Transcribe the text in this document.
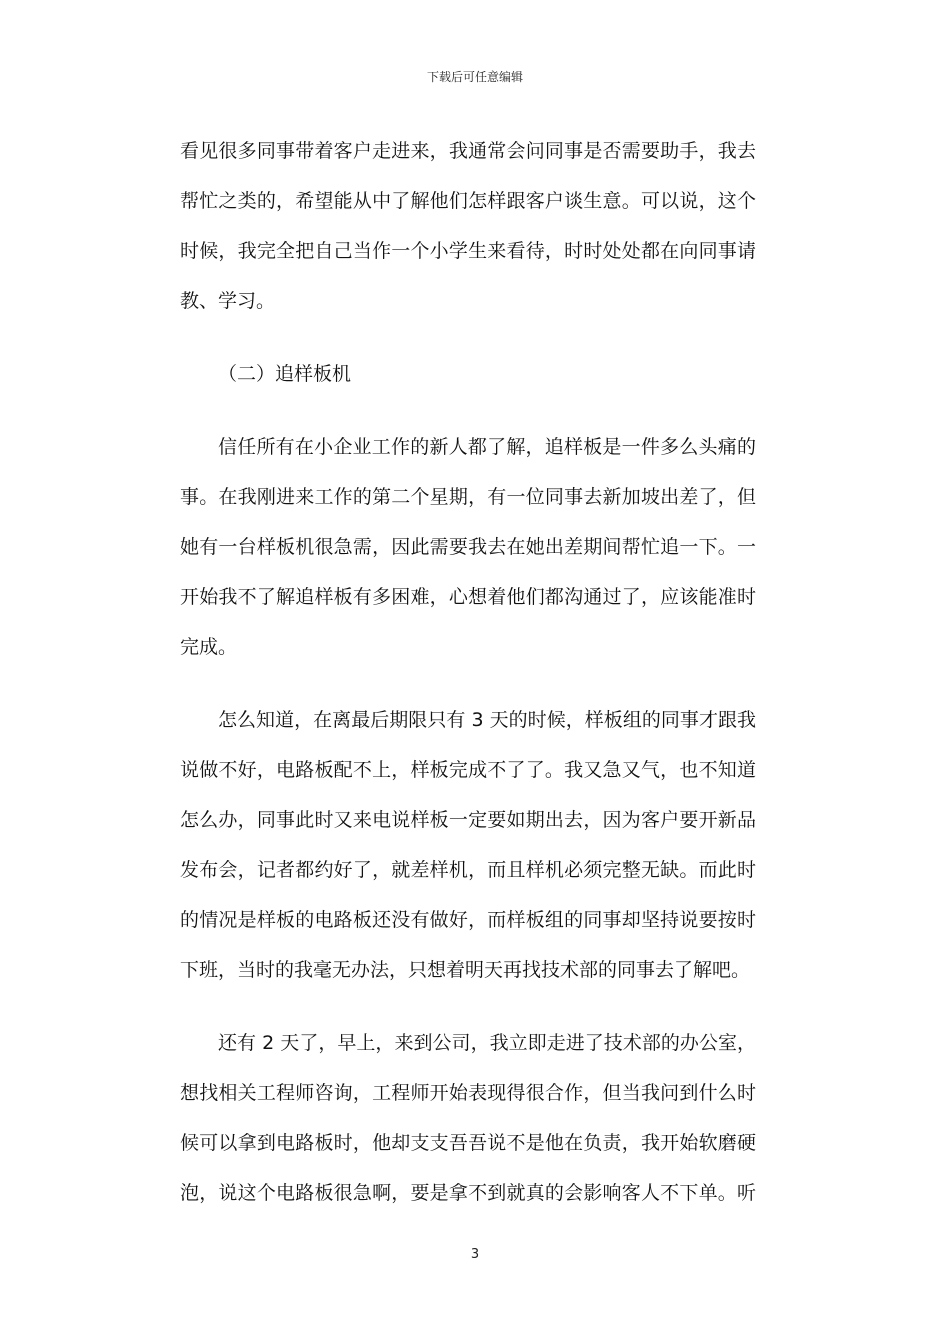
下载后可任意编辑
看见很多同事带着客户走进来，我通常会问同事是否需要助手，我去
帮忙之类的，希望能从中了解他们怎样跟客户谈生意。可以说，这个
时候，我完全把自己当作一个小学生来看待，时时处处都在向同事请
教、学习。
（二）追样板机
信任所有在小企业工作的新人都了解，追样板是一件多么头痛的
事。在我刚进来工作的第二个星期，有一位同事去新加坡出差了，但
她有一台样板机很急需，因此需要我去在她出差期间帮忙追一下。一
开始我不了解追样板有多困难，心想着他们都沟通过了，应该能准时
完成。
怎么知道，在离最后期限只有 3 天的时候，样板组的同事才跟我
说做不好，电路板配不上，样板完成不了了。我又急又气，也不知道
怎么办，同事此时又来电说样板一定要如期出去，因为客户要开新品
发布会，记者都约好了，就差样机，而且样机必须完整无缺。而此时
的情况是样板的电路板还没有做好，而样板组的同事却坚持说要按时
下班，当时的我毫无办法，只想着明天再找技术部的同事去了解吧。
还有 2 天了，早上，来到公司，我立即走进了技术部的办公室，
想找相关工程师咨询，工程师开始表现得很合作，但当我问到什么时
候可以拿到电路板时，他却支支吾吾说不是他在负责，我开始软磨硬
泡，说这个电路板很急啊，要是拿不到就真的会影响客人不下单。听
3
